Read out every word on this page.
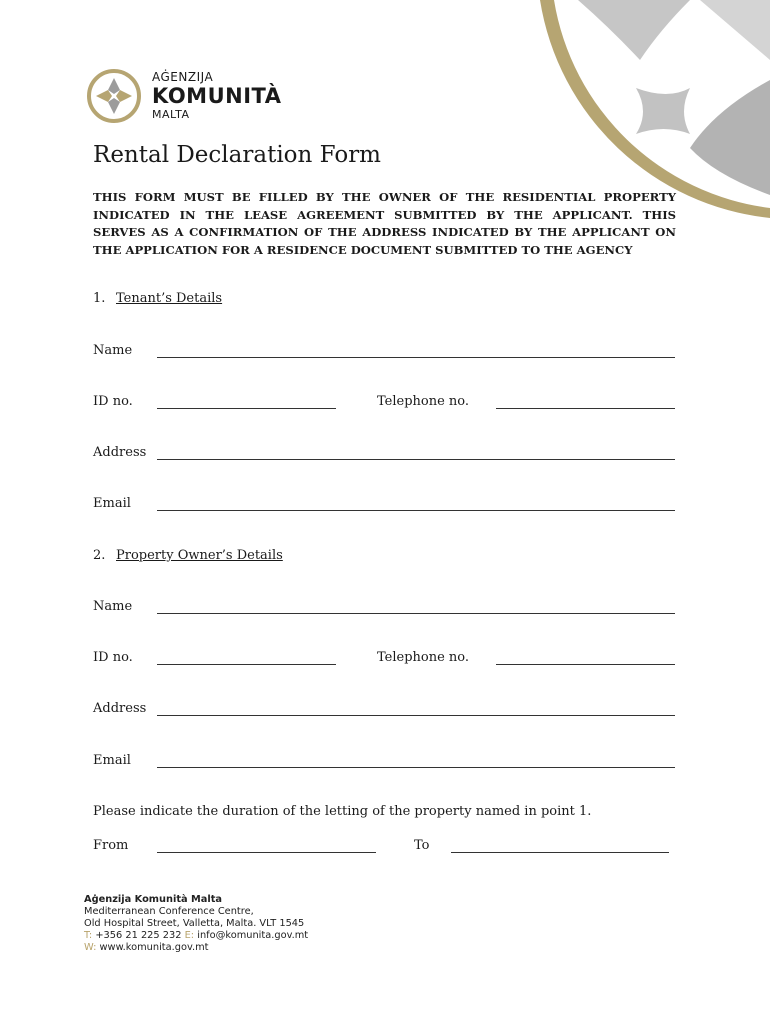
AĠENZIJA
KOMUNITÀ
MALTA
Rental Declaration Form
THIS FORM MUST BE FILLED BY THE OWNER OF THE RESIDENTIAL PROPERTY INDICATED IN THE LEASE AGREEMENT SUBMITTED BY THE APPLICANT. THIS SERVES AS A CONFIRMATION OF THE ADDRESS INDICATED BY THE APPLICANT ON THE APPLICATION FOR A RESIDENCE DOCUMENT SUBMITTED TO THE AGENCY
1. Tenant’s Details
Name
ID no.	Telephone no.
Address
Email
2. Property Owner’s Details
Name
ID no.	Telephone no.
Address
Email
Please indicate the duration of the letting of the property named in point 1.
From	To
Aġenzija Komunità Malta
Mediterranean Conference Centre,
Old Hospital Street, Valletta, Malta. VLT 1545
T: +356 21 225 232 E: info@komunita.gov.mt
W: www.komunita.gov.mt
